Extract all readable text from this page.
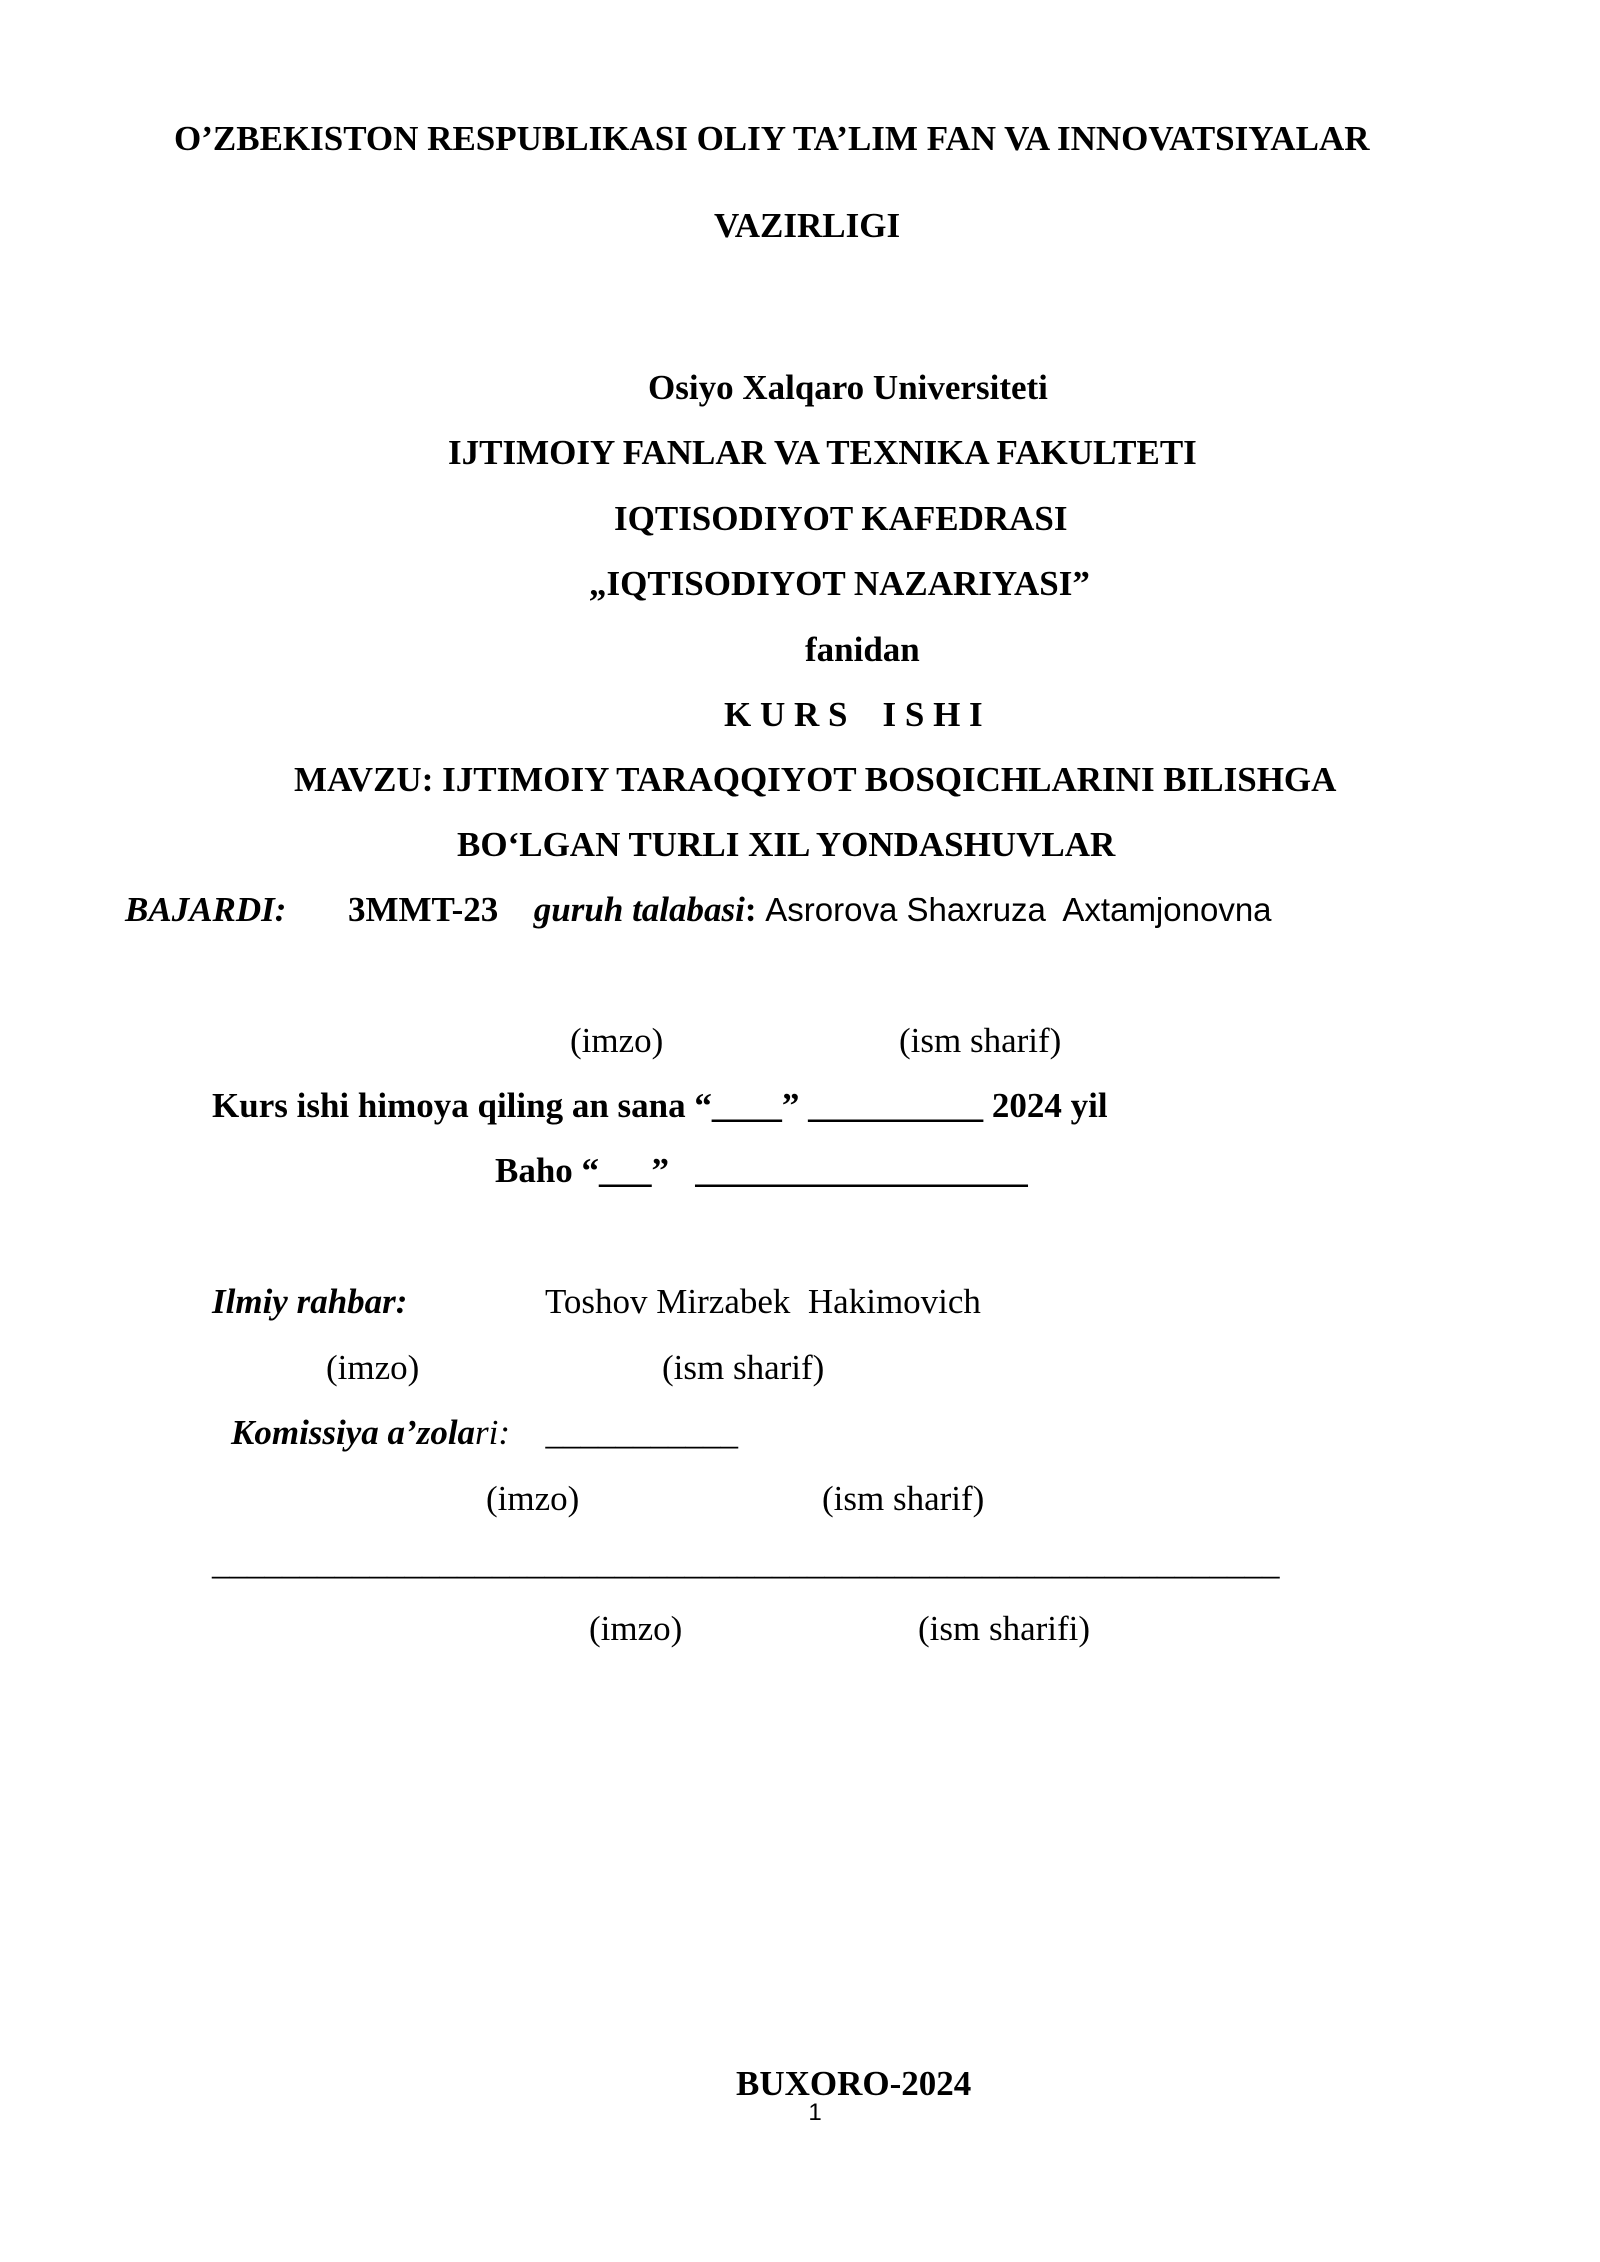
O’ZBEKISTON RESPUBLIKASI OLIY TA’LIM FAN VA INNOVATSIYALAR
VAZIRLIGI
Osiyo Xalqaro Universiteti
IJTIMOIY FANLAR VA TEXNIKA FAKULTETI
IQTISODIYOT KAFEDRASI
„IQTISODIYOT NAZARIYASI”
fanidan
K U R S    I S H I
MAVZU: IJTIMOIY TARAQQIYOT BOSQICHLARINI BILISHGA
BO‘LGAN TURLI XIL YONDASHUVLAR
BAJARDI: 3MMT-23 guruh talabasi: Asrorova Shaxruza  Axtamjonovna
(imzo)	(ism sharif)
Kurs ishi himoya qiling an sana “____” __________ 2024 yil
Baho “___”   ___________________
Ilmiy rahbar:	Toshov Mirzabek  Hakimovich
(imzo)	(ism sharif)
Komissiya a’zolari: ___________
(imzo)	(ism sharif)
_____________________________________________________________
(imzo)	(ism sharifi)
BUXORO-2024
1
